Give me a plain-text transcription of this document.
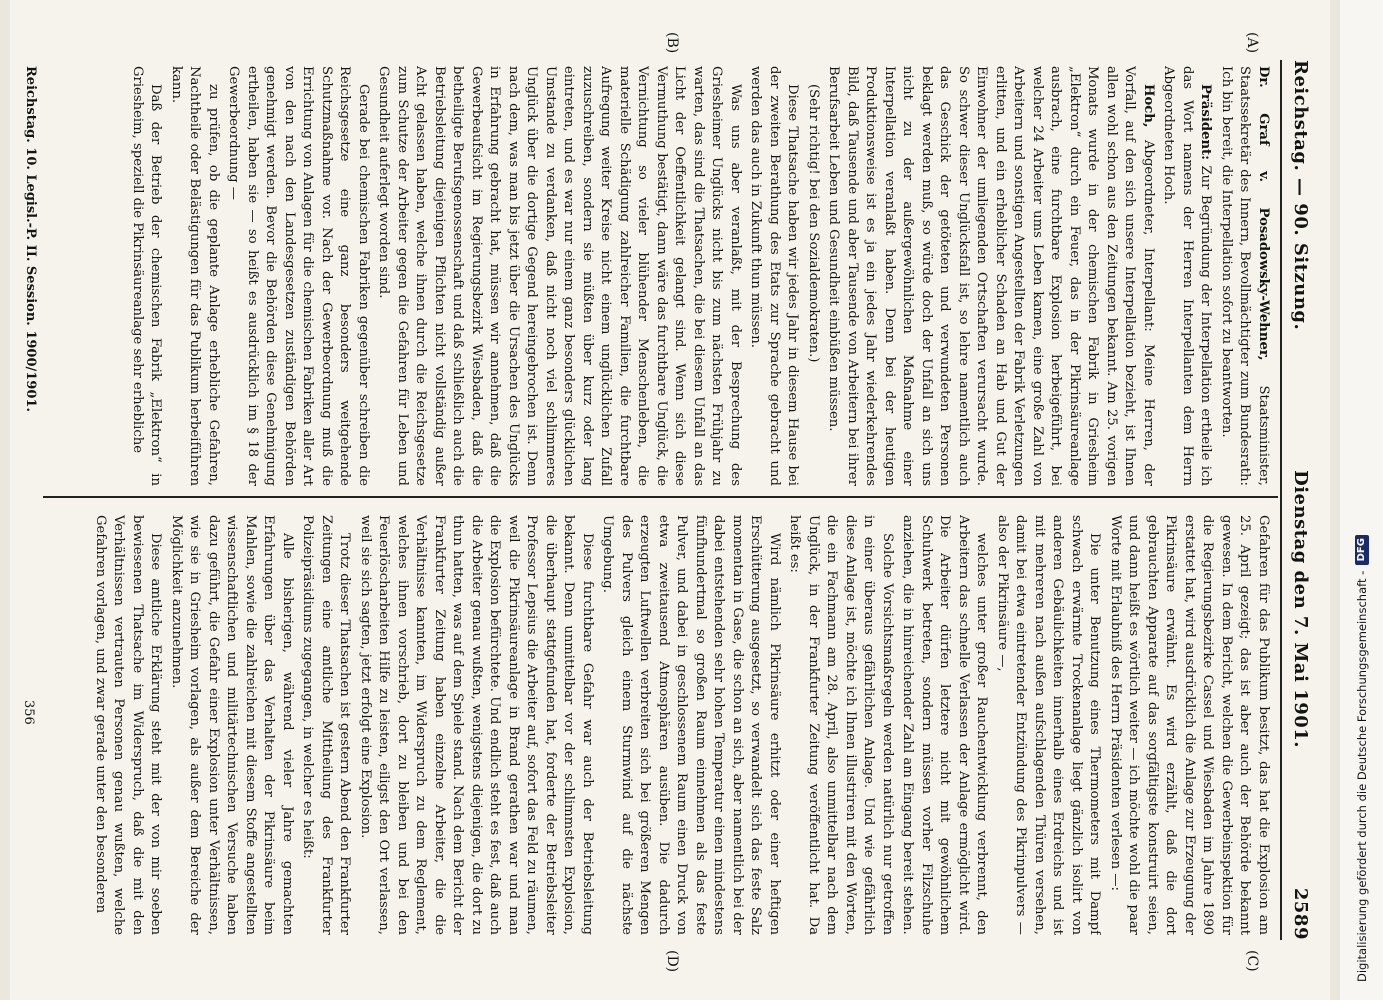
Reichstag. — 90. Sitzung.
Dienstag den 7. Mai 1901.
2589
(A)
(B)
(C)
(D)

Dr. Graf v. Posadowsky-Wehner, Staatsminister, Staatssekretär des Innern, Bevollmächtigter zum Bundesrath: Ich bin bereit, die Interpellation sofort zu beantworten.

Präsident: Zur Begründung der Interpellation ertheile ich das Wort namens der Herren Interpellanten dem Herrn Abgeordneten Hoch.

Hoch, Abgeordneter, Interpellant: Meine Herren, der Vorfall, auf den sich unsere Interpellation bezieht, ist Ihnen allen wohl schon aus den Zeitungen bekannt. Am 25. vorigen Monats wurde in der chemischen Fabrik in Griesheim „Elektron“ durch ein Feuer, das in der Pikrinsäureanlage ausbrach, eine furchtbare Explosion herbeigeführt, bei welcher 24 Arbeiter ums Leben kamen, eine große Zahl von Arbeitern und sonstigen Angestellten der Fabrik Verletzungen erlitten, und ein erheblicher Schaden an Hab und Gut der Einwohner der umliegenden Ortschaften verursacht wurde. So schwer dieser Unglücksfall ist, so lehre namentlich auch das Geschick der getöteten und verwundeten Personen beklagt werden muß, so würde doch der Unfall an sich uns nicht zu der außergewöhnlichen Maßnahme einer Interpellation veranlaßt haben. Denn bei der heutigen Produktionsweise ist es ja ein jedes Jahr wiederkehrendes Bild, daß Tausende und aber Tausende von Arbeitern bei ihrer Berufsarbeit Leben und Gesundheit einbüßen müssen.

(Sehr richtig! bei den Sozialdemokraten.)

Diese Thatsache haben wir jedes Jahr in diesem Hause bei der zweiten Berathung des Etats zur Sprache gebracht und werden das auch in Zukunft thun müssen.

Was uns aber veranlaßt, mit der Besprechung des Griesheimer Unglücks nicht bis zum nächsten Frühjahr zu warten, das sind die Thatsachen, die bei diesem Unfall an das Licht der Oeffentlichkeit gelangt sind. Wenn sich diese Vermuthung bestätigt, dann wäre das furchtbare Unglück, die Vernichtung so vieler blühender Menschenleben, die materielle Schädigung zahlreicher Familien, die furchtbare Aufregung weiter Kreise nicht einem unglücklichen Zufall zuzuschreiben, sondern sie müßten über kurz oder lang eintreten, und es war nur einem ganz besonders glücklichen Umstande zu verdanken, daß nicht noch viel schlimmeres Unglück über die dortige Gegend hereingebrochen ist. Denn nach dem, was man bis jetzt über die Ursachen des Unglücks in Erfahrung gebracht hat, müssen wir annehmen, daß die Gewerbeaufsicht im Regierungsbezirk Wiesbaden, daß die betheiligte Berufsgenossenschaft und daß schließlich auch die Betriebsleitung diejenigen Pflichten nicht vollständig außer Acht gelassen haben, welche ihnen durch die Reichsgesetze zum Schutze der Arbeiter gegen die Gefahren für Leben und Gesundheit auferlegt worden sind.

Gerade bei chemischen Fabriken gegenüber schreiben die Reichsgesetze eine ganz besonders weitgehende Schutzmaßnahme vor. Nach der Gewerbeordnung muß die Errichtung von Anlagen für die chemischen Fabriken aller Art von den nach den Landesgesetzen zuständigen Behörden genehmigt werden. Bevor die Behörden diese Genehmigung ertheilen, haben sie — so heißt es ausdrücklich im § 18 der Gewerbeordnung —

zu prüfen, ob die geplante Anlage erhebliche Gefahren, Nachtheile oder Belästigungen für das Publikum herbeiführen kann.

Daß der Betrieb der chemischen Fabrik „Elektron“ in Griesheim, speziell die Pikrinsäureanlage sehr erhebliche

Gefahren für das Publikum besitzt, das hat die Explosion am 25. April gezeigt; das ist aber auch der Behörde bekannt gewesen. In dem Bericht, welchen die Gewerbeinspektion für die Regierungsbezirke Cassel und Wiesbaden im Jahre 1890 erstattet hat, wird ausdrücklich die Anlage zur Erzeugung der Pikrinsäure erwähnt. Es wird erzählt, daß die dort gebrauchten Apparate auf das sorgfältigste konstruirt seien, und dann heißt es wörtlich weiter — ich möchte wohl die paar Worte mit Erlaubniß des Herrn Präsidenten verlesen —:

Die unter Benutzung eines Thermometers mit Dampf schwach erwärmte Trockenanlage liegt gänzlich isolirt von anderen Gebäulichkeiten innerhalb eines Erdreichs und ist mit mehreren nach außen aufschlagenden Thüren versehen, damit bei etwa eintretender Entzündung des Pikrinpulvers — also der Pikrinsäure —,

welches unter großer Rauchentwicklung verbrennt, den Arbeitern das schnelle Verlassen der Anlage ermöglicht wird. Die Arbeiter dürfen letztere nicht mit gewöhnlichem Schuhwerk betreten, sondern müssen vorher Filzschuhe anziehen, die in hinreichender Zahl am Eingang bereit stehen.

Solche Vorsichtsmaßregeln werden natürlich nur getroffen in einer überaus gefährlichen Anlage. Und wie gefährlich diese Anlage ist, möchte ich Ihnen illustriren mit den Worten, die ein Fachmann am 28. April, also unmittelbar nach dem Unglück, in der Frankfurter Zeitung veröffentlicht hat. Da heißt es:

Wird nämlich Pikrinsäure erhitzt oder einer heftigen Erschütterung ausgesetzt, so verwandelt sich das feste Salz momentan in Gase, die schon an sich, aber namentlich bei der dabei entstehenden sehr hohen Temperatur einen mindestens fünfhundertmal so großen Raum einnehmen als das feste Pulver, und dabei in geschlossenem Raum einen Druck von etwa zweitausend Atmosphären ausüben. Die dadurch erzeugten Luftwellen verbreiten sich bei größeren Mengen des Pulvers gleich einem Sturmwind auf die nächste Umgebung.

Diese furchtbare Gefahr war auch der Betriebsleitung bekannt. Denn unmittelbar vor der schlimmsten Explosion, die überhaupt stattgefunden hat, forderte der Betriebsleiter Professor Lepsius die Arbeiter auf, sofort das Feld zu räumen, weil die Pikrinsäureanlage in Brand gerathen war und man die Explosion befürchtete. Und endlich steht es fest, daß auch die Arbeiter genau wußten, wenigstens diejenigen, die dort zu thun hatten, was auf dem Spiele stand. Nach dem Bericht der Frankfurter Zeitung haben einzelne Arbeiter, die die Verhältnisse kannten, im Widerspruch zu dem Reglement, welches ihnen vorschrieb, dort zu bleiben und bei den Feuerlöscharbeiten Hilfe zu leisten, eiligst den Ort verlassen, weil sie sich sagten, jetzt erfolgt eine Explosion.

Trotz dieser Thatsachen ist gestern Abend den Frankfurter Zeitungen eine amtliche Mittheilung des Frankfurter Polizeipräsidiums zugegangen, in welcher es heißt:

Alle bisherigen, während vieler Jahre gemachten Erfahrungen über das Verhalten der Pikrinsäure beim Mahlen, sowie die zahlreichen mit diesem Stoffe angestellten wissenschaftlichen und militärtechnischen Versuche haben dazu geführt, die Gefahr einer Explosion unter Verhältnissen, wie sie in Griesheim vorlagen, als außer dem Bereiche der Möglichkeit anzunehmen.

Diese amtliche Erklärung steht mit der von mir soeben bewiesenen Thatsache im Widerspruch, daß die mit den Verhältnissen vertrauten Personen genau wußten, welche Gefahren vorlagen, und zwar gerade unter den besonderen

Reichstag. 10. Legisl.-P. II. Session. 1900/1901.
356	Digitalisierung gefördert durch die Deutsche Forschungsgemeinschaft -
DFG
